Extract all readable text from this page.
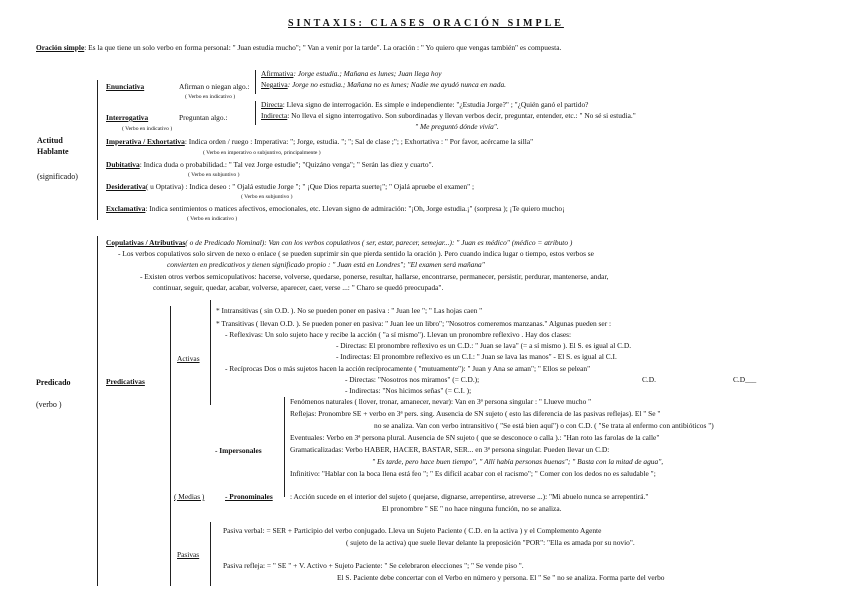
SINTAXIS: CLASES ORACIÓN SIMPLE
Oración simple: Es la que tiene un solo verbo en forma personal: " Juan estudia mucho"; " Van a venir por la tarde". La oración : " Yo quiero que vengas también" es compuesta.
Actitud
Hablante
(significado)
Enunciativa	Afirman o niegan algo.:
( Verbo en indicativo )
Afirmativa: Jorge estudia.; Mañana es lunes; Juan llega hoy
Negativa: Jorge no estudia.; Mañana no es lunes; Nadie me ayudó nunca en nada.
Interrogativa	Preguntan algo.:
( Verbo en indicativo )
Directa: Lleva signo de interrogación. Es simple e independiente: "¿Estudia Jorge?" ; "¿Quién ganó el partido?
Indirecta: No lleva el signo interrogativo. Son subordinadas y llevan verbos decir, preguntar, entender, etc.: " No sé si estudia."
" Me preguntó dónde vivía".
Imperativa / Exhortativa: Indica orden / ruego : Imperativa: "; Jorge, estudia. "; "; Sal de clase ;"; ; Exhortativa : " Por favor, acércame la silla"
( Verbo en imperativo o subjuntivo, principalmente )
Dubitativa: Indica duda o probabilidad.: " Tal vez Jorge estudie"; "Quizáno venga"; " Serán las diez y cuarto".
( Verbo en subjuntivo )
Desiderativa( u Optativa) : Indica deseo : " Ojalá estudie Jorge "; " ¡Que Dios reparta suerte¡"; " Ojalá apruebe el examen" ;
( Verbo en subjuntivo )
Exclamativa: Indica sentimientos o matices afectivos, emocionales, etc. Llevan signo de admiración: "¡Oh, Jorge estudia.¡" (sorpresa ); ¡Te quiero mucho¡
( Verbo en indicativo )
Predicado
(verbo )
Copulativas / Atributivas( o de Predicado Nominal): Van con los verbos copulativos ( ser, estar, parecer, semejar...): " Juan es médico" (médico = atributo )
- Los verbos copulativos solo sirven de nexo o enlace ( se pueden suprimir sin que pierda sentido la oración ). Pero cuando indica lugar o tiempo, estos verbos se
convierten en predicativos y tienen significado propio : " Juan está en Londres"; "El examen será mañana"
- Existen otros verbos semicopulativos: hacerse, volverse, quedarse, ponerse, resultar, hallarse, encontrarse, permanecer, persistir, perdurar, mantenerse, andar,
continuar, seguir, quedar, acabar, volverse, aparecer, caer, verse ...: " Charo se quedó preocupada".
Predicativas
Activas
* Intransitivas ( sin O.D. ). No se pueden poner en pasiva : " Juan lee "; " Las hojas caen "
* Transitivas ( llevan O.D. ). Se pueden poner en pasiva: " Juan lee un libro"; "Nosotros comeremos manzanas." Algunas pueden ser :
- Reflexivas: Un solo sujeto hace y recibe la acción ( "a sí mismo"). Llevan un pronombre reflexivo . Hay dos clases:
- Directas: El pronombre reflexivo es un C.D.: " Juan se lava" (= a sí mismo ). El S. es igual al C.D.
- Indirectas: El pronombre reflexivo es un C.I.: " Juan se lava las manos" - El S. es igual al C.I.
- Recíprocas Dos o más sujetos hacen la acción recíprocamente ( "mutuamente"): " Juan y Ana se aman"; " Ellos se pelean"
- Directas: "Nosotros nos miramos" (= C.D.);	C.D.	C.D___
- Indirectas: "Nos hicimos señas" (= C.I. );
- Impersonales
Fenómenos naturales ( llover, tronar, amanecer, nevar): Van en 3ª persona singular : " Llueve mucho "
Reflejas: Pronombre SE + verbo en 3ª pers. sing. Ausencia de SN sujeto ( esto las diferencia de las pasivas reflejas). El " Se "
no se analiza. Van con verbo intransitivo ( "Se está bien aquí") o con C.D. ( "Se trata al enfermo con antibióticos ")
Eventuales: Verbo en 3ª persona plural. Ausencia de SN sujeto ( que se desconoce o calla ).: "Han roto las farolas de la calle"
Gramaticalizadas: Verbo HABER, HACER, BASTAR, SER... en 3ª persona singular. Pueden llevar un C.D:
" Es tarde, pero hace buen tiempo", " Allí había personas buenas"; " Basta con la mitad de agua",
Infinitivo: "Hablar con la boca llena está feo "; " Es difícil acabar con el racismo"; " Comer con los dedos no es saludable ";
( Medias )	- Pronominales : Acción sucede en el interior del sujeto ( quejarse, dignarse, arrepentirse, atreverse ...): "Mi abuelo nunca se arrepentirá."
El pronombre " SE " no hace ninguna función, no se analiza.
Pasivas
Pasiva verbal: = SER + Participio del verbo conjugado. Lleva un Sujeto Paciente ( C.D. en la activa ) y el Complemento Agente
( sujeto de la activa) que suele llevar delante la preposición "POR": "Ella es amada por su novio".
Pasiva refleja: = " SE " + V. Activo + Sujeto Paciente: " Se celebraron elecciones "; " Se vende piso ".
El S. Paciente debe concertar con el Verbo en número y persona. El " Se " no se analiza. Forma parte del verbo
